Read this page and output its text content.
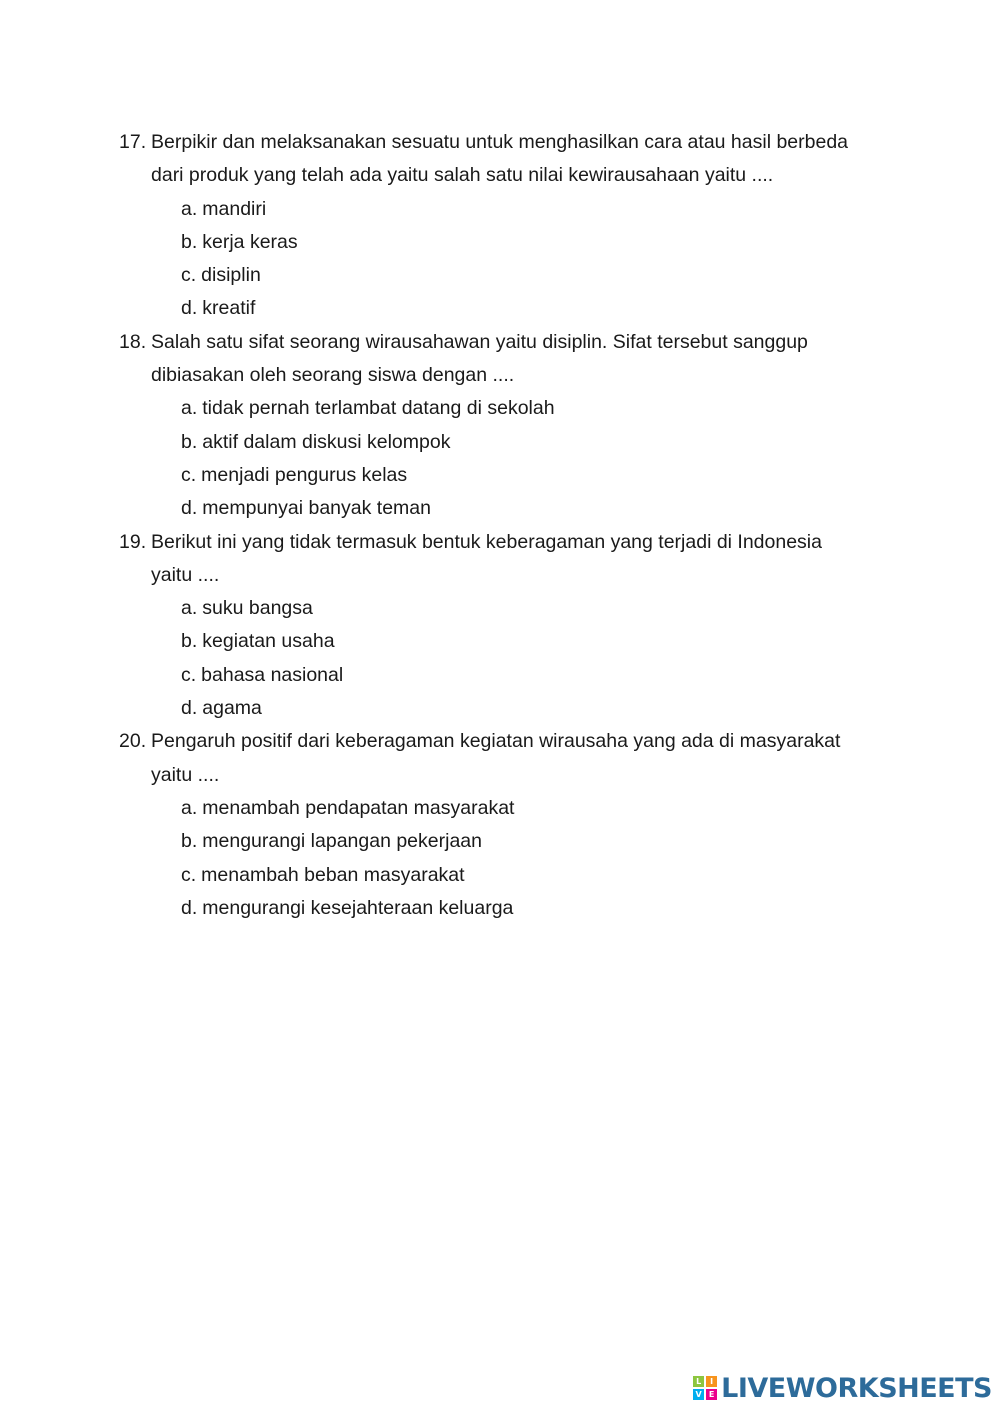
17. Berpikir dan melaksanakan sesuatu untuk menghasilkan cara atau hasil berbeda
dari produk yang telah ada yaitu salah satu nilai kewirausahaan yaitu ....
a. mandiri
b. kerja keras
c. disiplin
d. kreatif
18. Salah satu sifat seorang wirausahawan yaitu disiplin. Sifat tersebut sanggup
dibiasakan oleh seorang siswa dengan ....
a. tidak pernah terlambat datang di sekolah
b. aktif dalam diskusi kelompok
c. menjadi pengurus kelas
d. mempunyai banyak teman
19. Berikut ini yang tidak termasuk bentuk keberagaman yang terjadi di Indonesia
yaitu ....
a. suku bangsa
b. kegiatan usaha
c. bahasa nasional
d. agama
20. Pengaruh positif dari keberagaman kegiatan wirausaha yang ada di masyarakat
yaitu ....
a. menambah pendapatan masyarakat
b. mengurangi lapangan pekerjaan
c. menambah beban masyarakat
d. mengurangi kesejahteraan keluarga
L	I
V E LIVEWORKSHEETS
